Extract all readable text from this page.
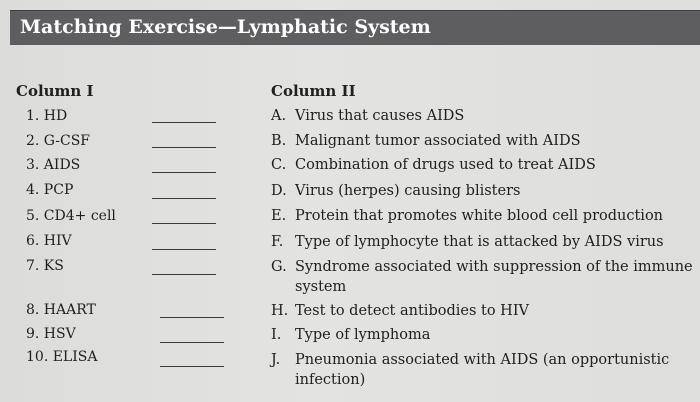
Matching Exercise—Lymphatic System
Column I
1. HD
2. G-CSF
3. AIDS
4. PCP
5. CD4+ cell
6. HIV
7. KS
8. HAART
9. HSV
10. ELISA
Column II
A. Virus that causes AIDS
B. Malignant tumor associated with AIDS
C. Combination of drugs used to treat AIDS
D. Virus (herpes) causing blisters
E. Protein that promotes white blood cell production
F. Type of lymphocyte that is attacked by AIDS virus
G. Syndrome associated with suppression of the immune
system
H. Test to detect antibodies to HIV
I. Type of lymphoma
J. Pneumonia associated with AIDS (an opportunistic
infection)
